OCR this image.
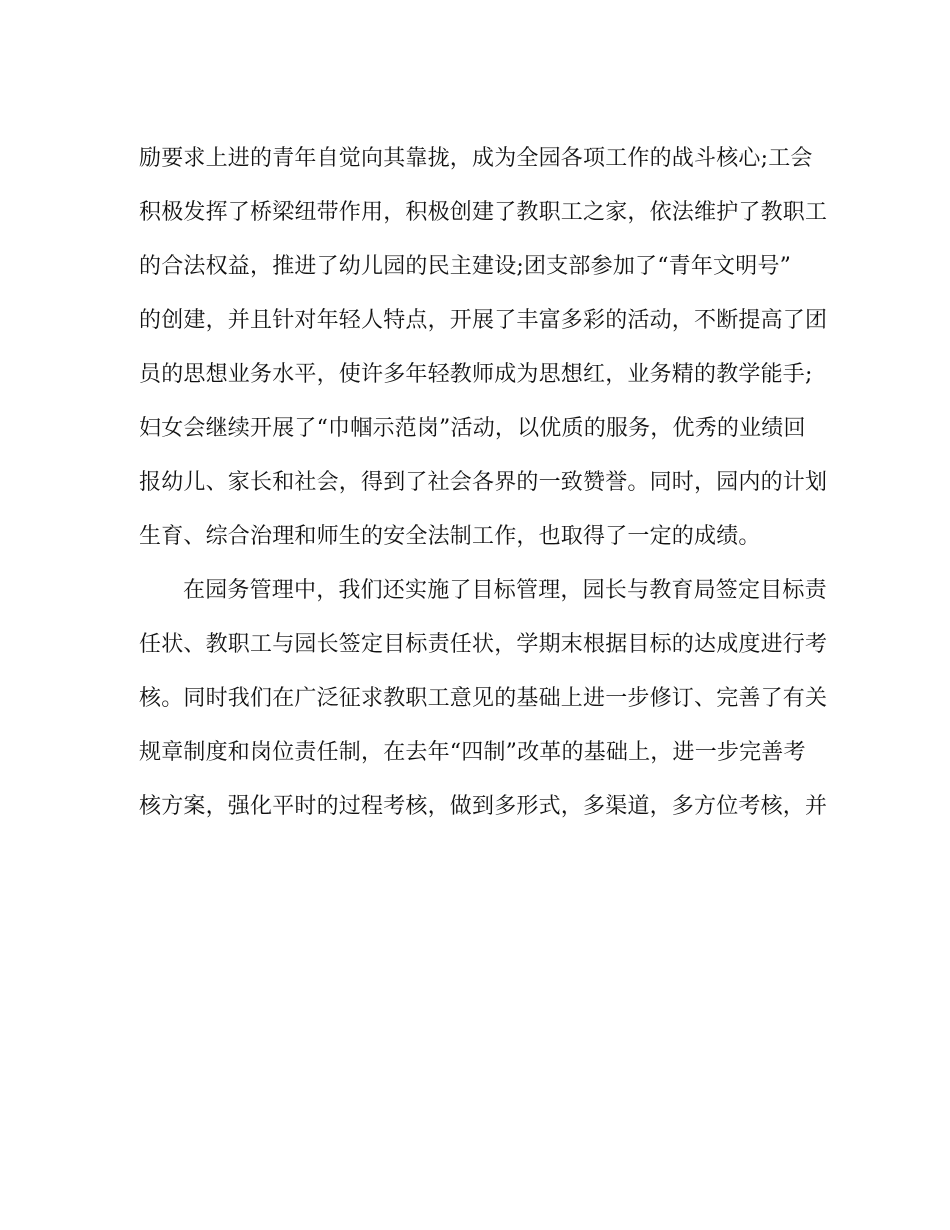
励要求上进的青年自觉向其靠拢，成为全园各项工作的战斗核心;工会
积极发挥了桥梁纽带作用，积极创建了教职工之家，依法维护了教职工
的合法权益，推进了幼儿园的民主建设;团支部参加了“青年文明号”
的创建，并且针对年轻人特点，开展了丰富多彩的活动，不断提高了团
员的思想业务水平，使许多年轻教师成为思想红，业务精的教学能手;
妇女会继续开展了“巾帼示范岗”活动，以优质的服务，优秀的业绩回
报幼儿、家长和社会，得到了社会各界的一致赞誉。同时，园内的计划
生育、综合治理和师生的安全法制工作，也取得了一定的成绩。
在园务管理中，我们还实施了目标管理，园长与教育局签定目标责
任状、教职工与园长签定目标责任状，学期末根据目标的达成度进行考
核。同时我们在广泛征求教职工意见的基础上进一步修订、完善了有关
规章制度和岗位责任制，在去年“四制”改革的基础上，进一步完善考
核方案，强化平时的过程考核，做到多形式，多渠道，多方位考核，并
